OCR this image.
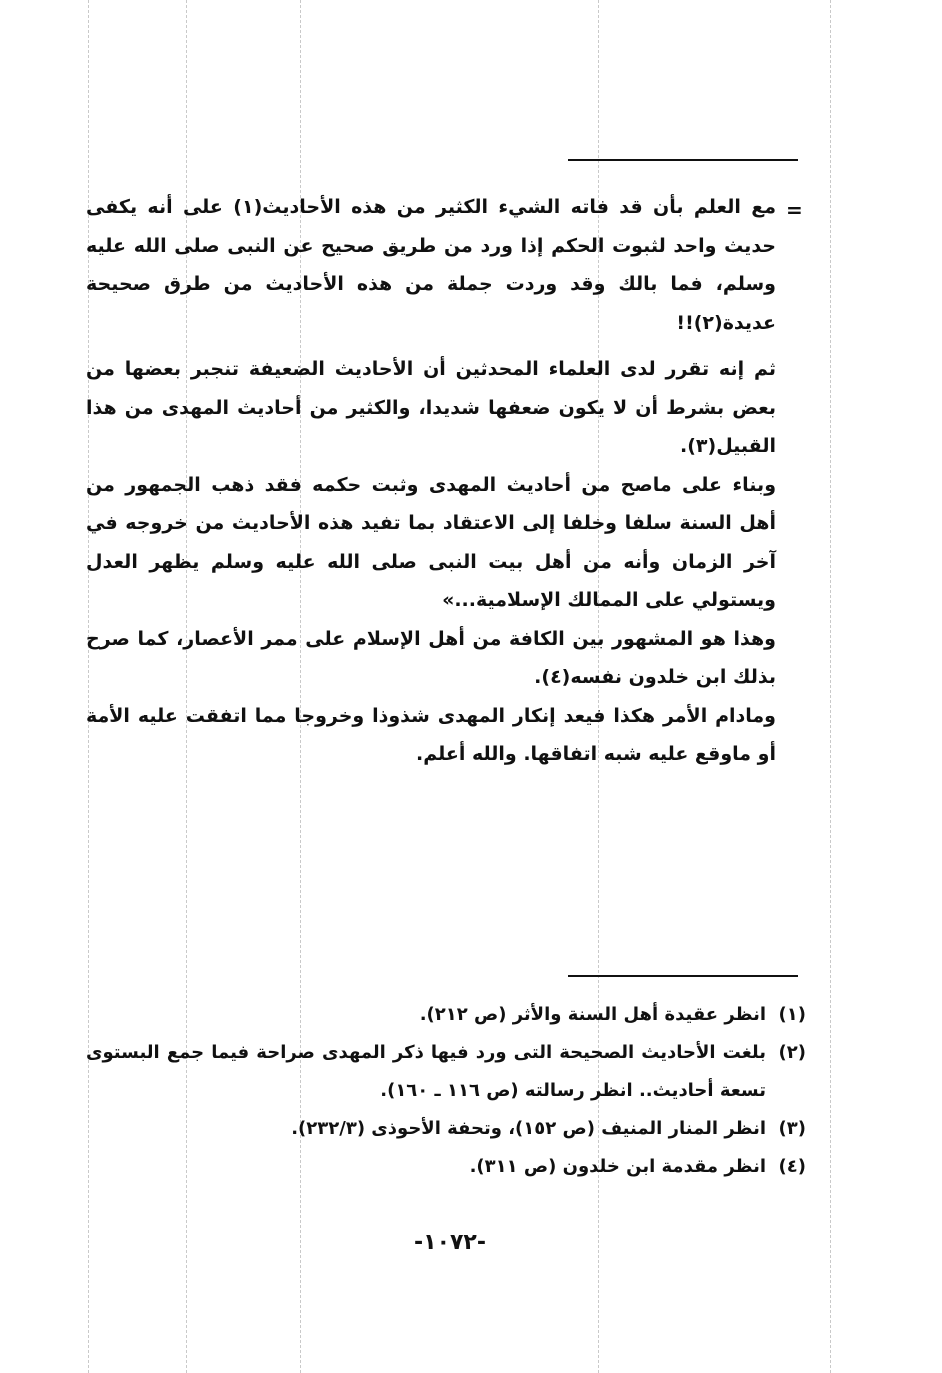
=

مع العلم بأن قد فاته الشيء الكثير من هذه الأحاديث(١) على أنه يكفى حديث واحد لثبوت الحكم إذا ورد من طريق صحيح عن النبى صلى الله عليه وسلم، فما بالك وقد وردت جملة من هذه الأحاديث من طرق صحيحة عديدة(٢)!!

ثم إنه تقرر لدى العلماء المحدثين أن الأحاديث الضعيفة تنجبر بعضها من بعض بشرط أن لا يكون ضعفها شديدا، والكثير من أحاديث المهدى من هذا القبيل(٣).

وبناء على ماصح من أحاديث المهدى وثبت حكمه فقد ذهب الجمهور من أهل السنة سلفا وخلفا إلى الاعتقاد بما تفيد هذه الأحاديث من خروجه في آخر الزمان وأنه من أهل بيت النبى صلى الله عليه وسلم يظهر العدل ويستولي على الممالك الإسلامية...»

وهذا هو المشهور بين الكافة من أهل الإسلام على ممر الأعصار، كما صرح بذلك ابن خلدون نفسه(٤).

ومادام الأمر هكذا فيعد إنكار المهدى شذوذا وخروجا مما اتفقت عليه الأمة أو ماوقع عليه شبه اتفاقها. والله أعلم.

(١)
انظر عقيدة أهل السنة والأثر (ص ٢١٢).
(٢)
بلغت الأحاديث الصحيحة التى ورد فيها ذكر المهدى صراحة فيما جمع البستوى تسعة أحاديث.. انظر رسالته (ص ١١٦ ـ ١٦٠).
(٣)
انظر المنار المنيف (ص ١٥٢)، وتحفة الأحوذى (٢٣٢/٣).
(٤)
انظر مقدمة ابن خلدون (ص ٣١١).
-١٠٧٢-
